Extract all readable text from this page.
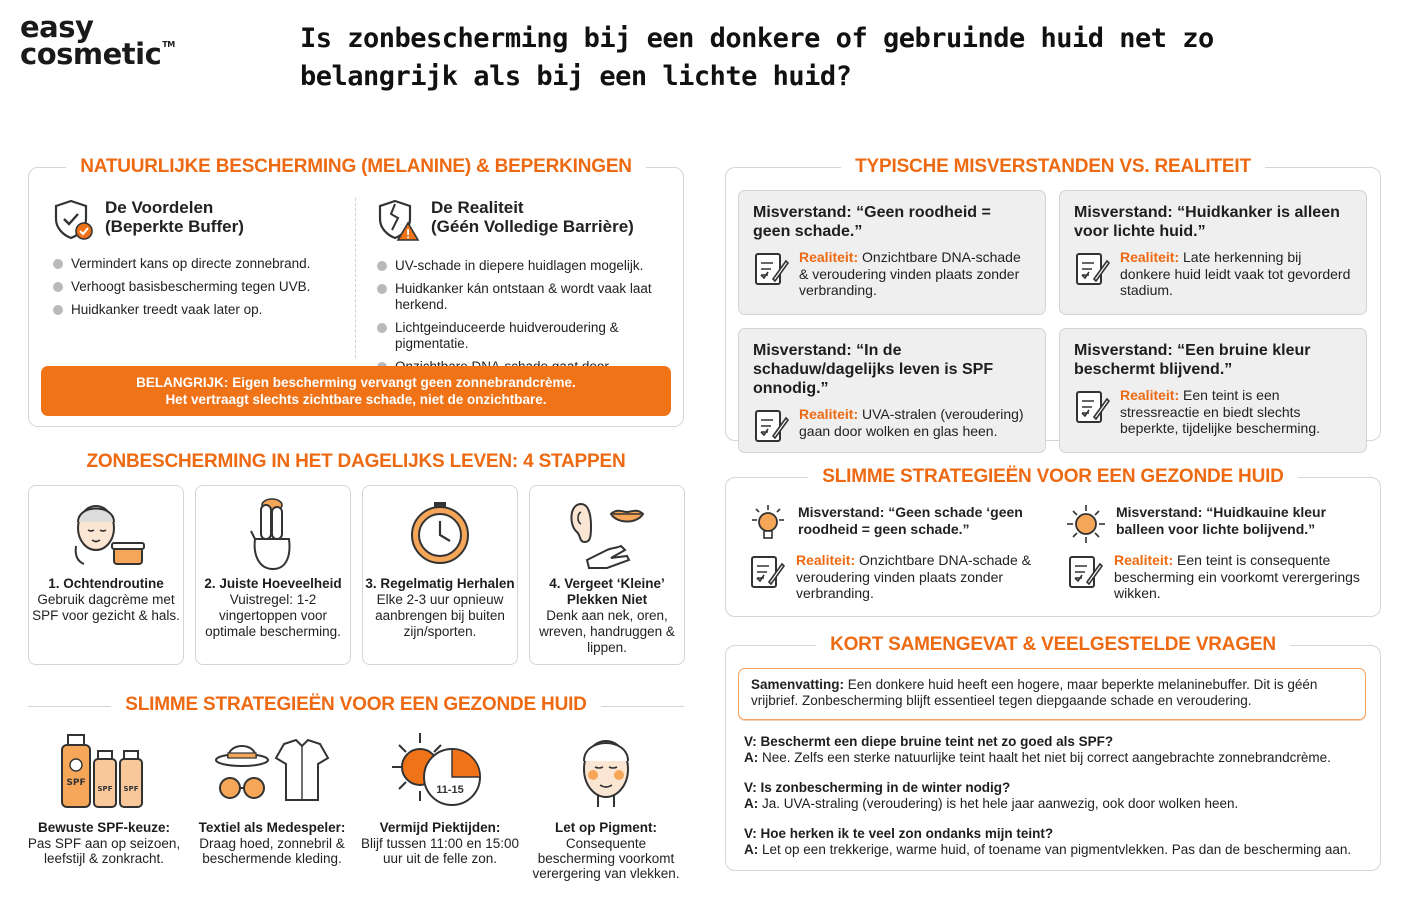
easy
cosmetic™	Is zonbescherming bij een donkere of gebruinde huid net zo belangrijk als bij een lichte huid?
NATUURLIJKE BESCHERMING (MELANINE) & BEPERKINGEN
De Voordelen
(Beperkte Buffer)
Vermindert kans op directe zonnebrand.
Verhoogt basisbescherming tegen UVB.
Huidkanker treedt vaak later op.
De Realiteit
(Géén Volledige Barrière)
UV-schade in diepere huidlagen mogelijk.
Huidkanker kán ontstaan & wordt vaak laat herkend.
Lichtgeinduceerde huidveroudering & pigmentatie.
BELANGRIJK: Eigen bescherming vervangt geen zonnebrandcrème.
Het vertraagt slechts zichtbare schade, niet de onzichtbare.
ZONBESCHERMING IN HET DAGELIJKS LEVEN: 4 STAPPEN
1. Ochtendroutine
Gebruik dagcrème met SPF voor gezicht & hals.
2. Juiste Hoeveelheid
Vuistregel: 1-2 vingertoppen voor optimale bescherming.
3. Regelmatig Herhalen
Elke 2-3 uur opnieuw aanbrengen bij buiten zijn/sporten.
4. Vergeet ‘Kleine’ Plekken Niet
Denk aan nek, oren, wreven, handruggen & lippen.
SLIMME STRATEGIEËN VOOR EEN GEZONDE HUID
SPF
SPF SPF
Bewuste SPF-keuze:
Pas SPF aan op seizoen, leefstijl & zonkracht.
Textiel als Medespeler:
Draag hoed, zonnebril & beschermende kleding.
11-15
Vermijd Piektijden:
Blijf tussen 11:00 en 15:00 uur uit de felle zon.
Let op Pigment:
Consequente bescherming voorkomt verergering van vlekken.
TYPISCHE MISVERSTANDEN VS. REALITEIT
Misverstand: “Geen roodheid = geen schade.”
Realiteit: Onzichtbare DNA-schade & veroudering vinden plaats zonder verbranding.
Misverstand: “Huidkanker is alleen voor lichte huid.”
Realiteit: Late herkenning bij donkere huid leidt vaak tot gevorderd stadium.
Misverstand: “In de schaduw/dagelijks leven is SPF onnodig.”
Realiteit: UVA-stralen (veroudering) gaan door wolken en glas heen.
Misverstand: “Een bruine kleur beschermt blijvend.”
Realiteit: Een teint is een stressreactie en biedt slechts beperkte, tijdelijke bescherming.
SLIMME STRATEGIEËN VOOR EEN GEZONDE HUID
Misverstand: “Geen schade ‘geen roodheid = geen schade.”
Realiteit: Onzichtbare DNA-schade & veroudering vinden plaats zonder verbranding.
Misverstand: “Huidkauine kleur balleen voor lichte bolijvend.”
Realiteit: Een teint is consequente bescherming ein voorkomt verergerings wikken.
KORT SAMENGEVAT & VEELGESTELDE VRAGEN
Samenvatting: Een donkere huid heeft een hogere, maar beperkte melaninebuffer. Dit is géén vrijbrief. Zonbescherming blijft essentieel tegen diepgaande schade en veroudering.
V: Beschermt een diepe bruine teint net zo goed als SPF?
A: Nee. Zelfs een sterke natuurlijke teint haalt het niet bij correct aangebrachte zonnebrandcrème.
V: Is zonbescherming in de winter nodig?
A: Ja. UVA-straling (veroudering) is het hele jaar aanwezig, ook door wolken heen.
V: Hoe herken ik te veel zon ondanks mijn teint?
A: Let op een trekkerige, warme huid, of toename van pigmentvlekken. Pas dan de bescherming aan.
